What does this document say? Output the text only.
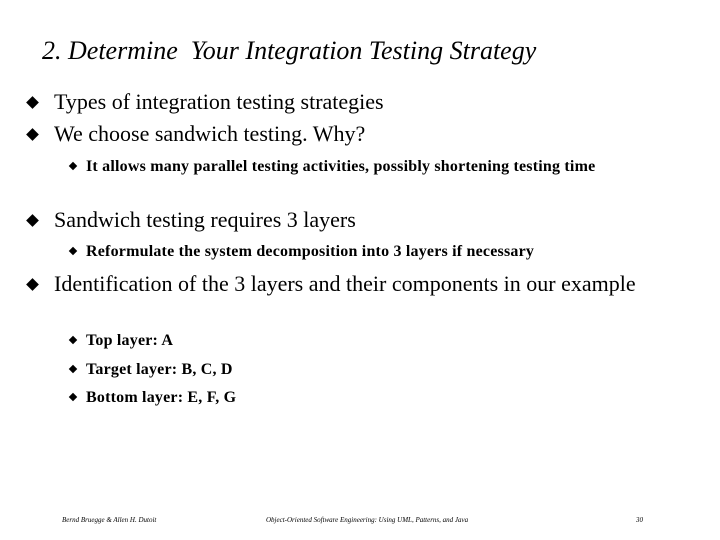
2. Determine  Your Integration Testing Strategy
Types of integration testing strategies
We choose sandwich testing. Why?
It allows many parallel testing activities, possibly shortening testing time
Sandwich testing requires 3 layers
Reformulate the system decomposition into 3 layers if necessary
Identification of the 3 layers and their components in our example
Top layer: A
Target layer: B, C, D
Bottom layer: E, F, G
Bernd Bruegge & Allen H. Dutoit	Object-Oriented Software Engineering: Using UML, Patterns, and Java	30
